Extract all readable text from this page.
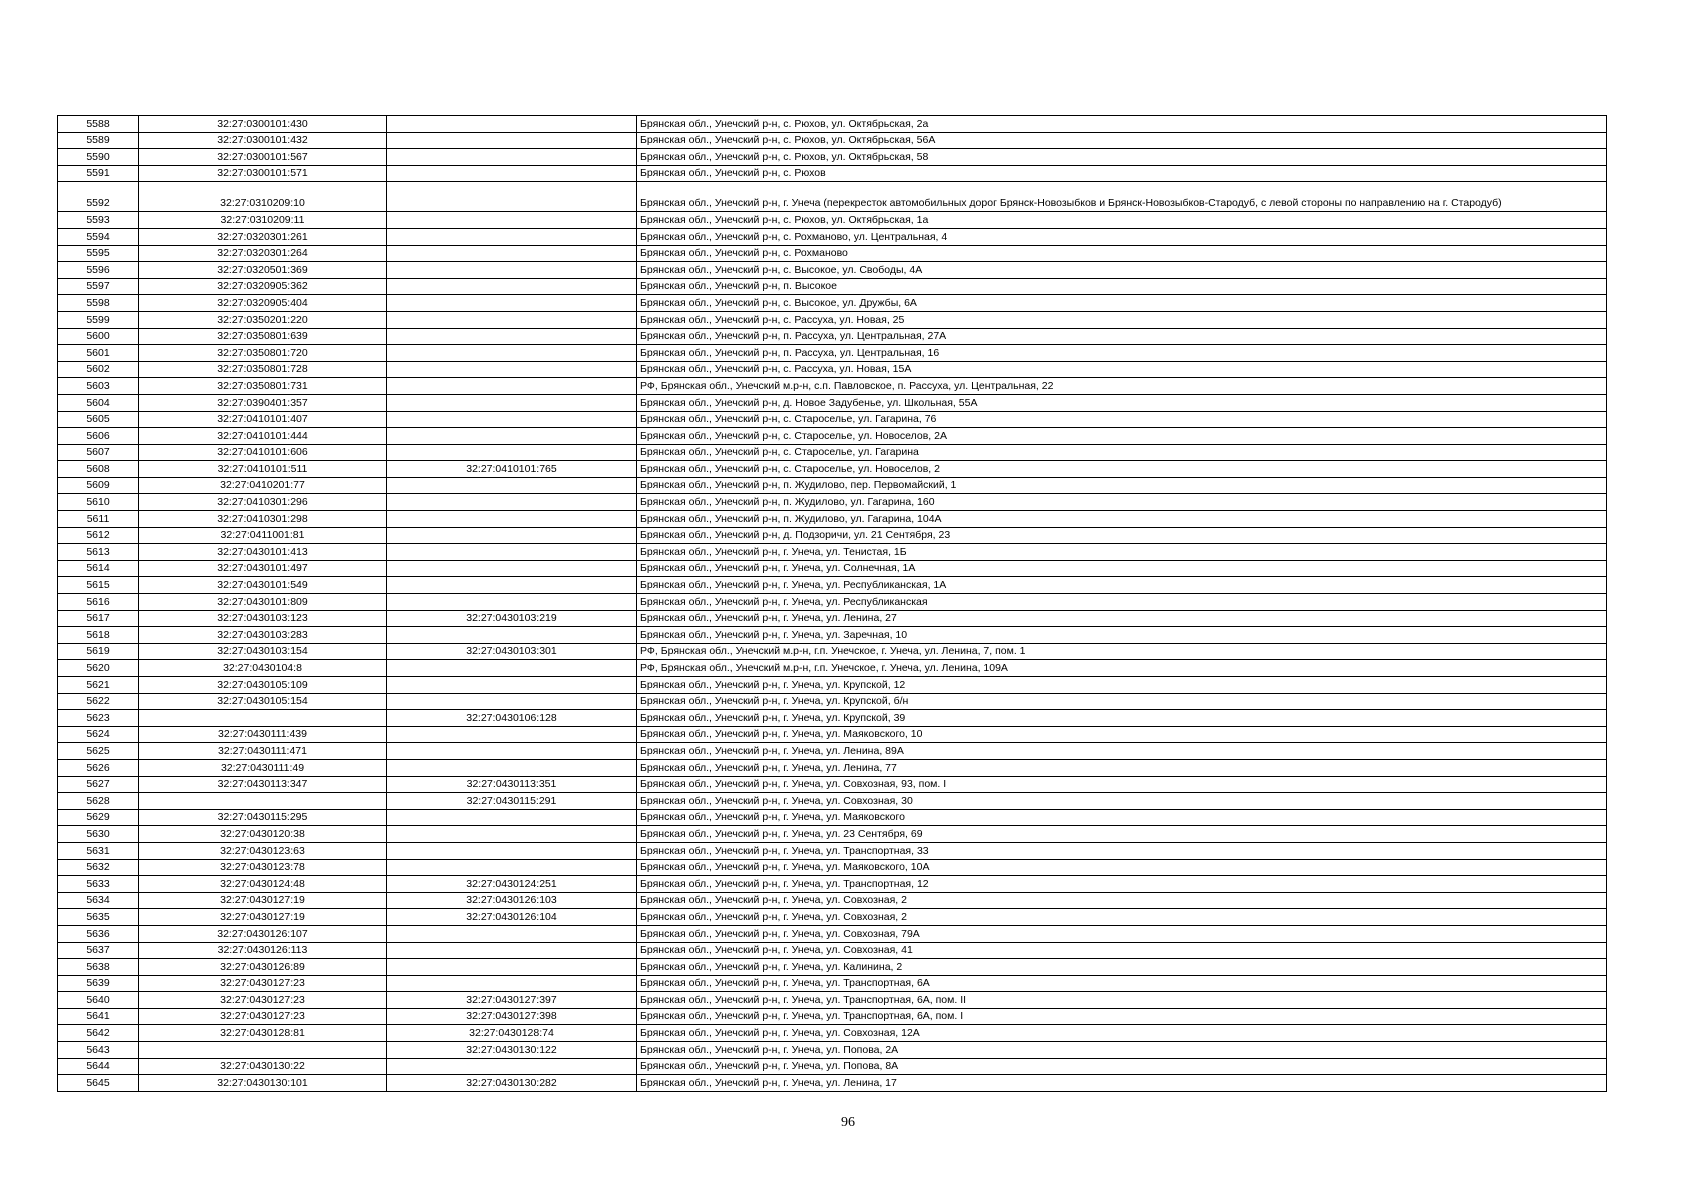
5588	32:27:0300101:430		Брянская обл., Унечский р-н, с. Рюхов, ул. Октябрьская, 2а
5589	32:27:0300101:432		Брянская обл., Унечский р-н, с. Рюхов, ул. Октябрьская, 56А
5590	32:27:0300101:567		Брянская обл., Унечский р-н, с. Рюхов, ул. Октябрьская, 58
5591	32:27:0300101:571		Брянская обл., Унечский р-н, с. Рюхов
5592	32:27:0310209:10		Брянская обл., Унечский р-н, г. Унеча (перекресток автомобильных дорог Брянск-Новозыбков и Брянск-Новозыбков-Стародуб, с левой стороны по направлению на г. Стародуб)
5593	32:27:0310209:11		Брянская обл., Унечский р-н, с. Рюхов, ул. Октябрьская, 1а
5594	32:27:0320301:261		Брянская обл., Унечский р-н, с. Рохманово, ул. Центральная, 4
5595	32:27:0320301:264		Брянская обл., Унечский р-н, с. Рохманово
5596	32:27:0320501:369		Брянская обл., Унечский р-н, с. Высокое, ул. Свободы, 4А
5597	32:27:0320905:362		Брянская обл., Унечский р-н, п. Высокое
5598	32:27:0320905:404		Брянская обл., Унечский р-н, с. Высокое, ул. Дружбы, 6А
5599	32:27:0350201:220		Брянская обл., Унечский р-н, с. Рассуха, ул. Новая, 25
5600	32:27:0350801:639		Брянская обл., Унечский р-н, п. Рассуха, ул. Центральная, 27А
5601	32:27:0350801:720		Брянская обл., Унечский р-н, п. Рассуха, ул. Центральная, 16
5602	32:27:0350801:728		Брянская обл., Унечский р-н, с. Рассуха, ул. Новая, 15А
5603	32:27:0350801:731		РФ, Брянская обл., Унечский м.р-н, с.п. Павловское, п. Рассуха, ул. Центральная, 22
5604	32:27:0390401:357		Брянская обл., Унечский р-н, д. Новое Задубенье, ул. Школьная, 55А
5605	32:27:0410101:407		Брянская обл., Унечский р-н, с. Староселье, ул. Гагарина, 76
5606	32:27:0410101:444		Брянская обл., Унечский р-н, с. Староселье, ул. Новоселов, 2А
5607	32:27:0410101:606		Брянская обл., Унечский р-н, с. Староселье, ул. Гагарина
5608	32:27:0410101:511	32:27:0410101:765	Брянская обл., Унечский р-н, с. Староселье, ул. Новоселов, 2
5609	32:27:0410201:77		Брянская обл., Унечский р-н, п. Жудилово, пер. Первомайский, 1
5610	32:27:0410301:296		Брянская обл., Унечский р-н, п. Жудилово, ул. Гагарина, 160
5611	32:27:0410301:298		Брянская обл., Унечский р-н, п. Жудилово, ул. Гагарина, 104А
5612	32:27:0411001:81		Брянская обл., Унечский р-н, д. Подзоричи, ул. 21 Сентября, 23
5613	32:27:0430101:413		Брянская обл., Унечский р-н, г. Унеча, ул. Тенистая, 1Б
5614	32:27:0430101:497		Брянская обл., Унечский р-н, г. Унеча, ул. Солнечная, 1А
5615	32:27:0430101:549		Брянская обл., Унечский р-н, г. Унеча, ул. Республиканская, 1А
5616	32:27:0430101:809		Брянская обл., Унечский р-н, г. Унеча, ул. Республиканская
5617	32:27:0430103:123	32:27:0430103:219	Брянская обл., Унечский р-н, г. Унеча, ул. Ленина, 27
5618	32:27:0430103:283		Брянская обл., Унечский р-н, г. Унеча, ул. Заречная, 10
5619	32:27:0430103:154	32:27:0430103:301	РФ, Брянская обл., Унечский м.р-н, г.п. Унечское, г. Унеча, ул. Ленина, 7, пом. 1
5620	32:27:0430104:8		РФ, Брянская обл., Унечский м.р-н, г.п. Унечское, г. Унеча, ул. Ленина, 109А
5621	32:27:0430105:109		Брянская обл., Унечский р-н, г. Унеча, ул. Крупской, 12
5622	32:27:0430105:154		Брянская обл., Унечский р-н, г. Унеча, ул. Крупской, б/н
5623		32:27:0430106:128	Брянская обл., Унечский р-н, г. Унеча, ул. Крупской, 39
5624	32:27:0430111:439		Брянская обл., Унечский р-н, г. Унеча, ул. Маяковского, 10
5625	32:27:0430111:471		Брянская обл., Унечский р-н, г. Унеча, ул. Ленина, 89А
5626	32:27:0430111:49		Брянская обл., Унечский р-н, г. Унеча, ул. Ленина, 77
5627	32:27:0430113:347	32:27:0430113:351	Брянская обл., Унечский р-н, г. Унеча, ул. Совхозная, 93, пом. I
5628		32:27:0430115:291	Брянская обл., Унечский р-н, г. Унеча, ул. Совхозная, 30
5629	32:27:0430115:295		Брянская обл., Унечский р-н, г. Унеча, ул. Маяковского
5630	32:27:0430120:38		Брянская обл., Унечский р-н, г. Унеча, ул. 23 Сентября, 69
5631	32:27:0430123:63		Брянская обл., Унечский р-н, г. Унеча, ул. Транспортная, 33
5632	32:27:0430123:78		Брянская обл., Унечский р-н, г. Унеча, ул. Маяковского, 10А
5633	32:27:0430124:48	32:27:0430124:251	Брянская обл., Унечский р-н, г. Унеча, ул. Транспортная, 12
5634	32:27:0430127:19	32:27:0430126:103	Брянская обл., Унечский р-н, г. Унеча, ул. Совхозная, 2
5635	32:27:0430127:19	32:27:0430126:104	Брянская обл., Унечский р-н, г. Унеча, ул. Совхозная, 2
5636	32:27:0430126:107		Брянская обл., Унечский р-н, г. Унеча, ул. Совхозная, 79А
5637	32:27:0430126:113		Брянская обл., Унечский р-н, г. Унеча, ул. Совхозная, 41
5638	32:27:0430126:89		Брянская обл., Унечский р-н, г. Унеча, ул. Калинина, 2
5639	32:27:0430127:23		Брянская обл., Унечский р-н, г. Унеча, ул. Транспортная, 6А
5640	32:27:0430127:23	32:27:0430127:397	Брянская обл., Унечский р-н, г. Унеча, ул. Транспортная, 6А, пом. II
5641	32:27:0430127:23	32:27:0430127:398	Брянская обл., Унечский р-н, г. Унеча, ул. Транспортная, 6А, пом. I
5642	32:27:0430128:81	32:27:0430128:74	Брянская обл., Унечский р-н, г. Унеча, ул. Совхозная, 12А
5643		32:27:0430130:122	Брянская обл., Унечский р-н, г. Унеча, ул. Попова, 2А
5644	32:27:0430130:22		Брянская обл., Унечский р-н, г. Унеча, ул. Попова, 8А
5645	32:27:0430130:101	32:27:0430130:282	Брянская обл., Унечский р-н, г. Унеча, ул. Ленина, 17
96
